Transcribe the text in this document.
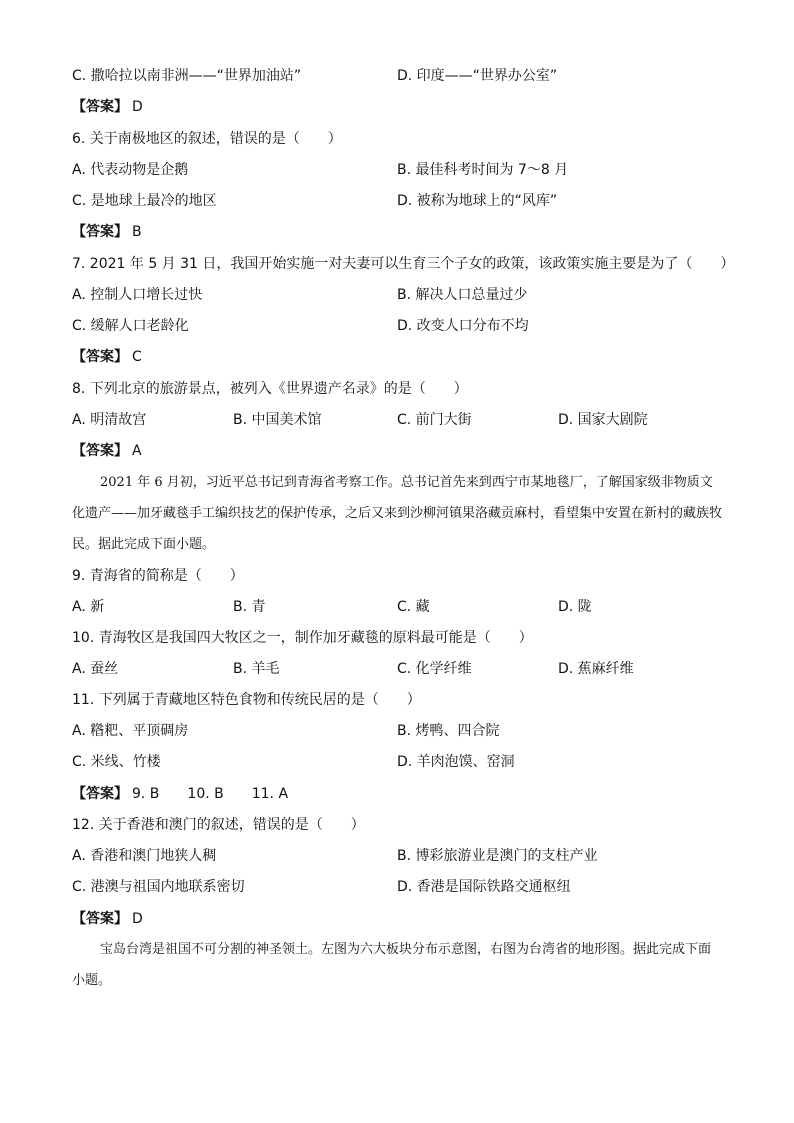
C. 撒哈拉以南非洲——“世界加油站”	D. 印度——“世界办公室”
【答案】 D
6. 关于南极地区的叙述，错误的是（　　）
A. 代表动物是企鹅	B. 最佳科考时间为 7～8 月
C. 是地球上最冷的地区	D. 被称为地球上的“风库”
【答案】 B
7. 2021 年 5 月 31 日，我国开始实施一对夫妻可以生育三个子女的政策，该政策实施主要是为了（　　）
A. 控制人口增长过快	B. 解决人口总量过少
C. 缓解人口老龄化	D. 改变人口分布不均
【答案】 C
8. 下列北京的旅游景点，被列入《世界遗产名录》的是（　　）
A. 明清故宫	B. 中国美术馆	C. 前门大街	D. 国家大剧院
【答案】 A
2021 年 6 月初，习近平总书记到青海省考察工作。总书记首先来到西宁市某地毯厂，了解国家级非物质文化遗产——加牙藏毯手工编织技艺的保护传承，之后又来到沙柳河镇果洛藏贡麻村，看望集中安置在新村的藏族牧民。据此完成下面小题。
9. 青海省的简称是（　　）
A. 新	B. 青	C. 藏	D. 陇
10. 青海牧区是我国四大牧区之一，制作加牙藏毯的原料最可能是（　　）
A. 蚕丝	B. 羊毛	C. 化学纤维	D. 蕉麻纤维
11. 下列属于青藏地区特色食物和传统民居的是（　　）
A. 糌粑、平顶碉房	B. 烤鸭、四合院
C. 米线、竹楼	D. 羊肉泡馍、窑洞
【答案】 9. B　　10. B　　11. A
12. 关于香港和澳门的叙述，错误的是（　　）
A. 香港和澳门地狭人稠	B. 博彩旅游业是澳门的支柱产业
C. 港澳与祖国内地联系密切	D. 香港是国际铁路交通枢纽
【答案】 D
宝岛台湾是祖国不可分割的神圣领土。左图为六大板块分布示意图，右图为台湾省的地形图。据此完成下面小题。
